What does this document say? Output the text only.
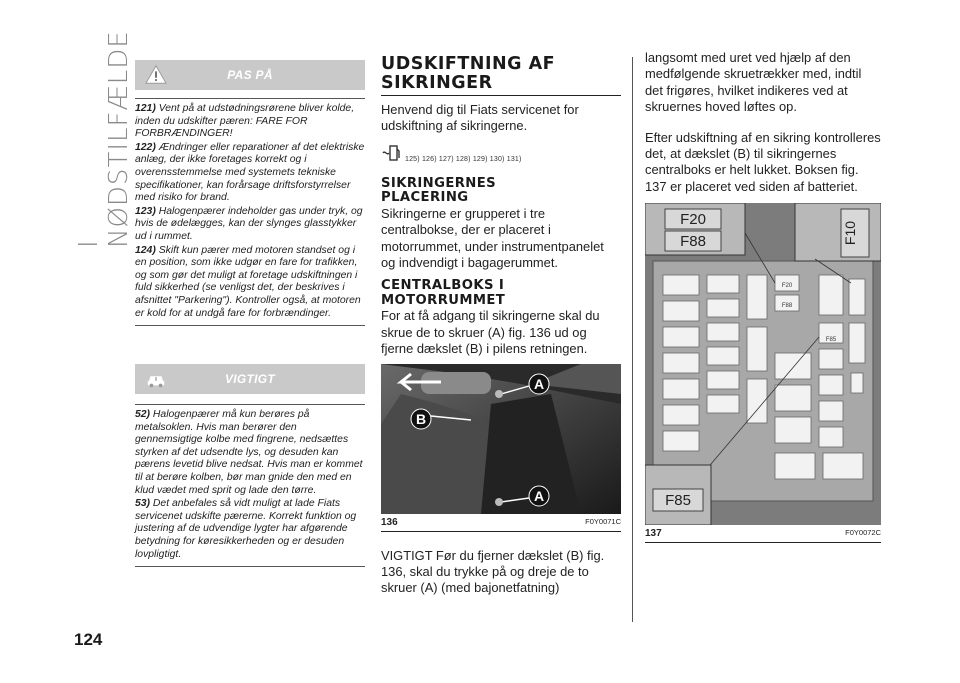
I NØDSTILFÆLDE
124
PAS PÅ

121) Vent på at udstødningsrørene bliver kolde, inden du udskifter pæren: FARE FOR FORBRÆNDINGER!

122) Ændringer eller reparationer af det elektriske anlæg, der ikke foretages korrekt og i overensstemmelse med systemets tekniske specifikationer, kan forårsage driftsforstyrrelser med risiko for brand.

123) Halogenpærer indeholder gas under tryk, og hvis de ødelægges, kan der slynges glasstykker ud i rummet.

124) Skift kun pærer med motoren standset og i en position, som ikke udgør en fare for trafikken, og som gør det muligt at foretage udskiftningen i fuld sikkerhed (se venligst det, der beskrives i afsnittet "Parkering"). Kontroller også, at motoren er kold for at undgå fare for forbrændinger.

VIGTIGT

52) Halogenpærer må kun berøres på metalsoklen. Hvis man berører den gennemsigtige kolbe med fingrene, nedsættes styrken af det udsendte lys, og desuden kan pærens levetid blive nedsat. Hvis man er kommet til at berøre kolben, bør man gnide den med en klud vædet med sprit og lade den tørre.

53) Det anbefales så vidt muligt at lade Fiats servicenet udskifte pærerne. Korrekt funktion og justering af de udvendige lygter har afgørende betydning for køresikkerheden og er desuden lovpligtigt.

UDSKIFTNING AF
SIKRINGER

Henvend dig til Fiats servicenet for udskiftning af sikringerne.

125) 126) 127) 128) 129) 130) 131)
SIKRINGERNES
PLACERING

Sikringerne er grupperet i tre centralbokse, der er placeret i motorrummet, under instrumentpanelet og indvendigt i bagagerummet.

CENTRALBOKS I
MOTORRUMMET

For at få adgang til sikringerne skal du skrue de to skruer (A) fig. 136 ud og fjerne dækslet (B) i pilens retningen.

A
B
A
136	F0Y0071C

VIGTIGT Før du fjerner dækslet (B) fig. 136, skal du trykke på og dreje de to skruer (A) (med bajonetfatning)

langsomt med uret ved hjælp af den medfølgende skruetrækker med, indtil det frigøres, hvilket indikeres ved at skruernes hoved løftes op.

Efter udskiftning af en sikring kontrolleres det, at dækslet (B) til sikringernes centralboks er helt lukket. Boksen fig. 137 er placeret ved siden af batteriet.

F20
F88	F10
F20
F88
F85
F85
137	F0Y0072C
